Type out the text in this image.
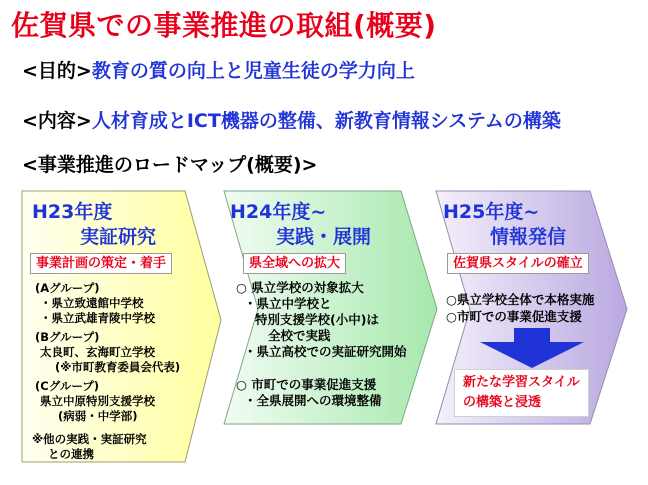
佐賀県での事業推進の取組(概要)
<目的>教育の質の向上と児童生徒の学力向上
<内容>人材育成とICT機器の整備、新教育情報システムの構築
<事業推進のロードマップ(概要)>
H23年度
実証研究
事業計画の策定・着手
(Aグループ)
・県立致遠館中学校
・県立武雄青陵中学校
(Bグループ)
太良町、玄海町立学校
(※市町教育委員会代表)
(Cグループ)
県立中原特別支援学校
(病弱・中学部)
※他の実践・実証研究
との連携
H24年度~
実践・展開
県全域への拡大
○ 県立学校の対象拡大
・県立中学校と
特別支援学校(小中)は
全校で実践
・県立高校での実証研究開始
○ 市町での事業促進支援
・全県展開への環境整備
H25年度~
情報発信
佐賀県スタイルの確立
○県立学校全体で本格実施
○市町での事業促進支援
新たな学習スタイル
の構築と浸透
